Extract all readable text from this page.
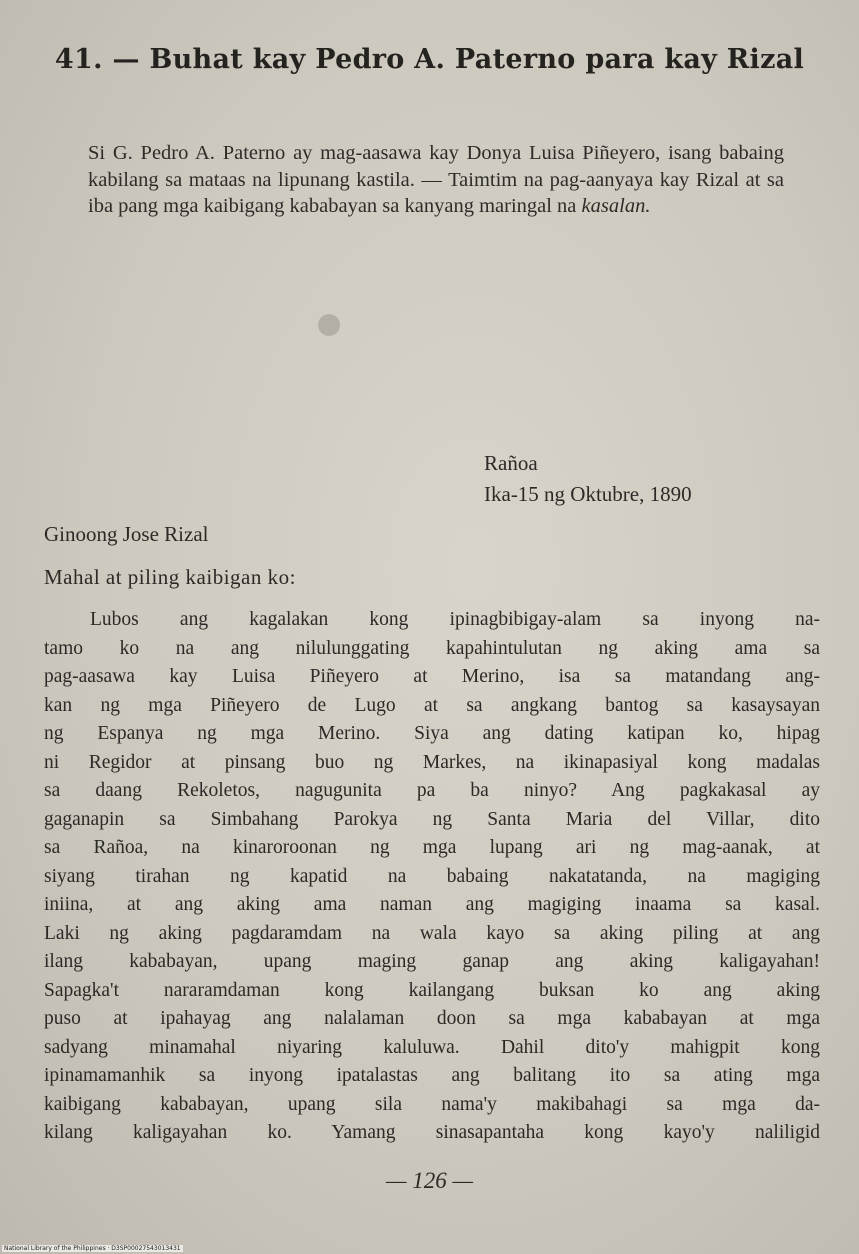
41. — Buhat kay Pedro A. Paterno para kay Rizal
Si G. Pedro A. Paterno ay mag-aasawa kay Donya Luisa Piñeyero, isang babaing kabilang sa mataas na lipunang kastila. — Taimtim na pag-aanyaya kay Rizal at sa iba pang mga kaibigang kababayan sa kanyang maringal na kasalan.
Rañoa
Ika-15 ng Oktubre, 1890
Ginoong Jose Rizal
Mahal at piling kaibigan ko:
Lubos ang kagalakan kong ipinagbibigay-alam sa inyong na-
tamo ko na ang nilulunggating kapahintulutan ng aking ama sa
pag-aasawa kay Luisa Piñeyero at Merino, isa sa matandang ang-
kan ng mga Piñeyero de Lugo at sa angkang bantog sa kasaysayan
ng Espanya ng mga Merino. Siya ang dating katipan ko, hipag
ni Regidor at pinsang buo ng Markes, na ikinapasiyal kong madalas
sa daang Rekoletos, nagugunita pa ba ninyo? Ang pagkakasal ay
gaganapin sa Simbahang Parokya ng Santa Maria del Villar, dito
sa Rañoa, na kinaroroonan ng mga lupang ari ng mag-aanak, at
siyang tirahan ng kapatid na babaing nakatatanda, na magiging
iniina, at ang aking ama naman ang magiging inaama sa kasal.
Laki ng aking pagdaramdam na wala kayo sa aking piling at ang
ilang kababayan, upang maging ganap ang aking kaligayahan!
Sapagka't nararamdaman kong kailangang buksan ko ang aking
puso at ipahayag ang nalalaman doon sa mga kababayan at mga
sadyang minamahal niyaring kaluluwa. Dahil dito'y mahigpit kong
ipinamamanhik sa inyong ipatalastas ang balitang ito sa ating mga
kaibigang kababayan, upang sila nama'y makibahagi sa mga da-
kilang kaligayahan ko. Yamang sinasapantaha kong kayo'y naliligid
— 126 —
National Library of the Philippines · D3SP00027543013431
